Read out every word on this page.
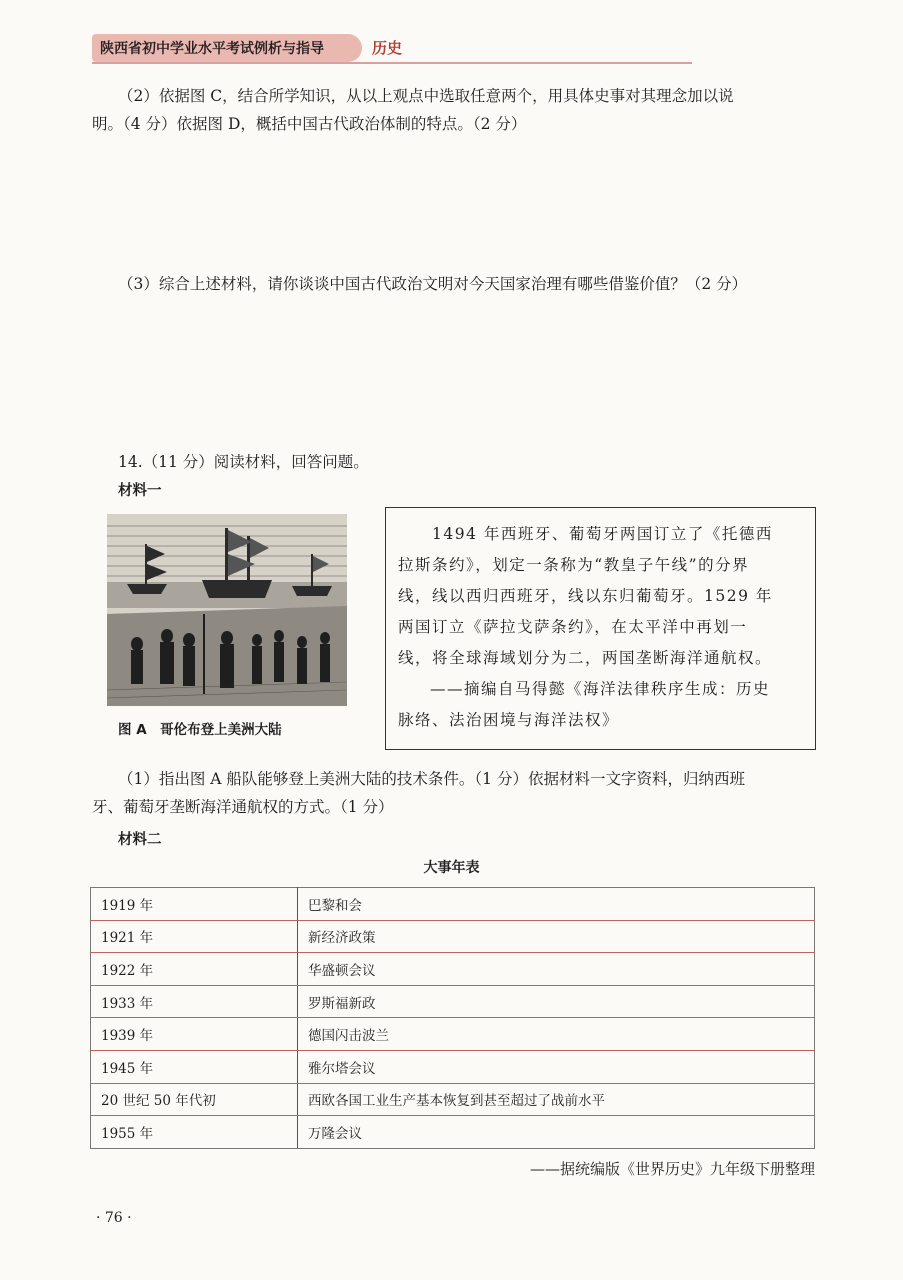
陕西省初中学业水平考试例析与指导	历史
（2）依据图 C，结合所学知识，从以上观点中选取任意两个，用具体史事对其理念加以说
明。（4 分）依据图 D，概括中国古代政治体制的特点。（2 分）
（3）综合上述材料，请你谈谈中国古代政治文明对今天国家治理有哪些借鉴价值？（2 分）
14.（11 分）阅读材料，回答问题。
材料一
图 A　哥伦布登上美洲大陆
1494 年西班牙、葡萄牙两国订立了《托德西
拉斯条约》，划定一条称为“教皇子午线”的分界
线，线以西归西班牙，线以东归葡萄牙。1529 年
两国订立《萨拉戈萨条约》，在太平洋中再划一
线，将全球海域划分为二，两国垄断海洋通航权。
——摘编自马得懿《海洋法律秩序生成：历史
脉络、法治困境与海洋法权》
（1）指出图 A 船队能够登上美洲大陆的技术条件。（1 分）依据材料一文字资料，归纳西班
牙、葡萄牙垄断海洋通航权的方式。（1 分）
材料二
大事年表
1919 年	巴黎和会
1921 年	新经济政策
1922 年	华盛顿会议
1933 年	罗斯福新政
1939 年	德国闪击波兰
1945 年	雅尔塔会议
20 世纪 50 年代初	西欧各国工业生产基本恢复到甚至超过了战前水平
1955 年	万隆会议
——据统编版《世界历史》九年级下册整理
· 76 ·
